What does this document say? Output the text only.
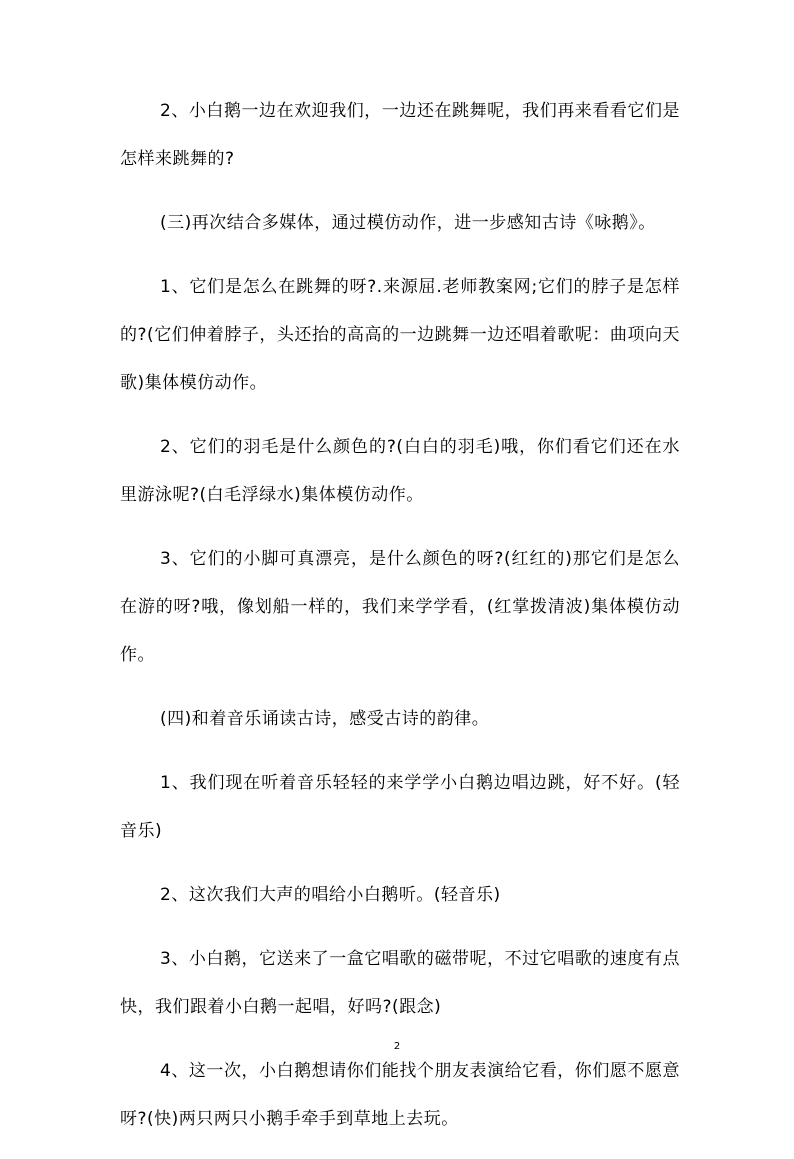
2、小白鹅一边在欢迎我们，一边还在跳舞呢，我们再来看看它们是怎样来跳舞的?

(三)再次结合多媒体，通过模仿动作，进一步感知古诗《咏鹅》。

1、它们是怎么在跳舞的呀?.来源屈.老师教案网;它们的脖子是怎样的?(它们伸着脖子，头还抬的高高的一边跳舞一边还唱着歌呢：曲项向天歌)集体模仿动作。

2、它们的羽毛是什么颜色的?(白白的羽毛)哦，你们看它们还在水里游泳呢?(白毛浮绿水)集体模仿动作。

3、它们的小脚可真漂亮，是什么颜色的呀?(红红的)那它们是怎么在游的呀?哦，像划船一样的，我们来学学看，(红掌拨清波)集体模仿动作。

(四)和着音乐诵读古诗，感受古诗的韵律。

1、我们现在听着音乐轻轻的来学学小白鹅边唱边跳，好不好。(轻音乐)

2、这次我们大声的唱给小白鹅听。(轻音乐)

3、小白鹅，它送来了一盒它唱歌的磁带呢，不过它唱歌的速度有点快，我们跟着小白鹅一起唱，好吗?(跟念)

4、这一次，小白鹅想请你们能找个朋友表演给它看，你们愿不愿意呀?(快)两只两只小鹅手牵手到草地上去玩。

2
